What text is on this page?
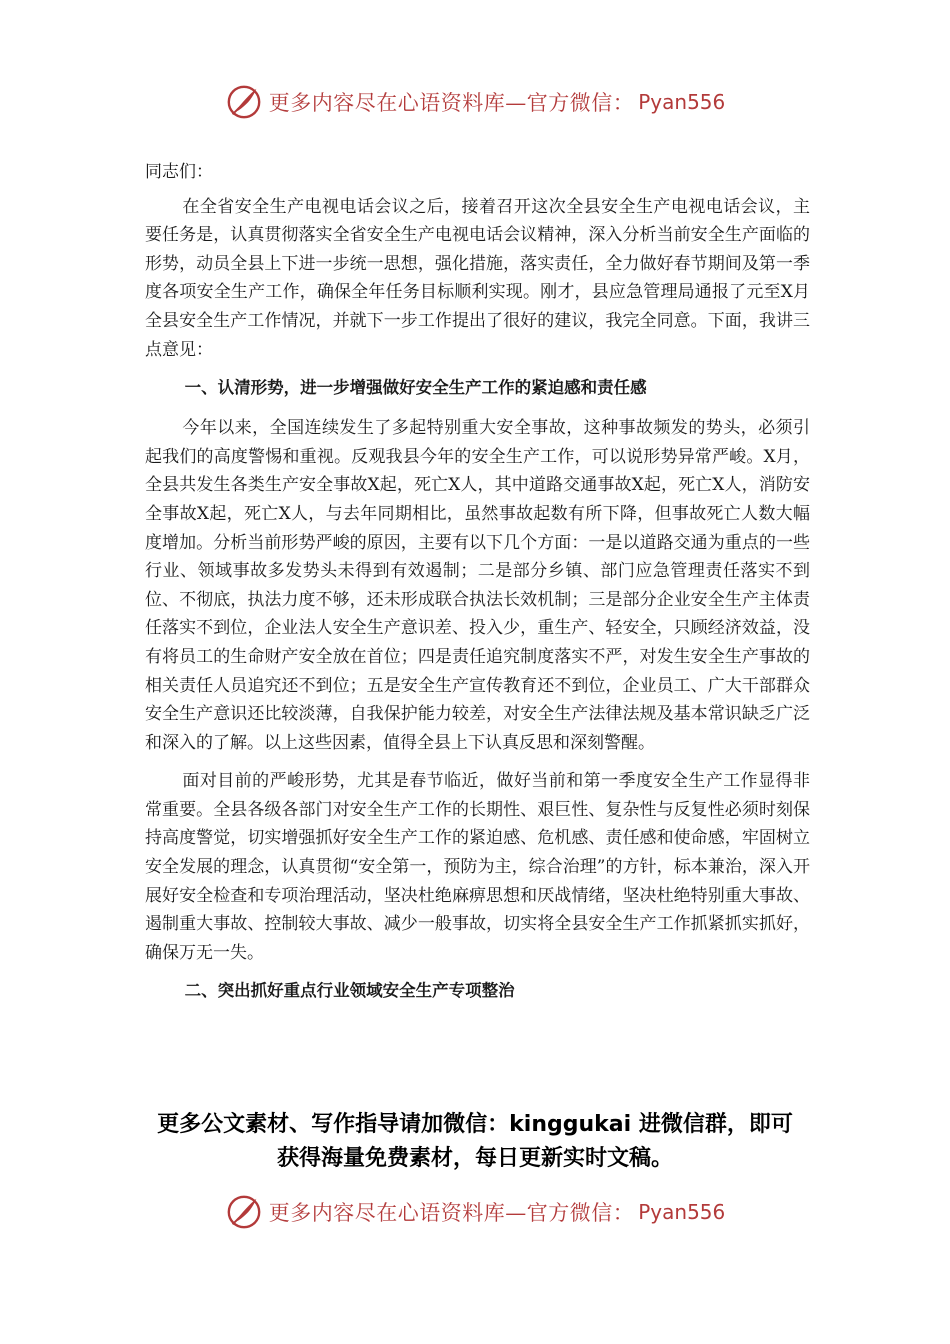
更多内容尽在心语资料库—官方微信： Pyan556

同志们：

在全省安全生产电视电话会议之后，接着召开这次全县安全生产电视电话会议，主要任务是，认真贯彻落实全省安全生产电视电话会议精神，深入分析当前安全生产面临的形势，动员全县上下进一步统一思想，强化措施，落实责任，全力做好春节期间及第一季度各项安全生产工作，确保全年任务目标顺利实现。刚才，县应急管理局通报了元至X月全县安全生产工作情况，并就下一步工作提出了很好的建议，我完全同意。下面，我讲三点意见：

一、认清形势，进一步增强做好安全生产工作的紧迫感和责任感

今年以来，全国连续发生了多起特别重大安全事故，这种事故频发的势头，必须引起我们的高度警惕和重视。反观我县今年的安全生产工作，可以说形势异常严峻。X月，全县共发生各类生产安全事故X起，死亡X人，其中道路交通事故X起，死亡X人，消防安全事故X起，死亡X人，与去年同期相比，虽然事故起数有所下降，但事故死亡人数大幅度增加。分析当前形势严峻的原因，主要有以下几个方面：一是以道路交通为重点的一些行业、领域事故多发势头未得到有效遏制；二是部分乡镇、部门应急管理责任落实不到位、不彻底，执法力度不够，还未形成联合执法长效机制；三是部分企业安全生产主体责任落实不到位，企业法人安全生产意识差、投入少，重生产、轻安全，只顾经济效益，没有将员工的生命财产安全放在首位；四是责任追究制度落实不严，对发生安全生产事故的相关责任人员追究还不到位；五是安全生产宣传教育还不到位，企业员工、广大干部群众安全生产意识还比较淡薄，自我保护能力较差，对安全生产法律法规及基本常识缺乏广泛和深入的了解。以上这些因素，值得全县上下认真反思和深刻警醒。

面对目前的严峻形势，尤其是春节临近，做好当前和第一季度安全生产工作显得非常重要。全县各级各部门对安全生产工作的长期性、艰巨性、复杂性与反复性必须时刻保持高度警觉，切实增强抓好安全生产工作的紧迫感、危机感、责任感和使命感，牢固树立安全发展的理念，认真贯彻“安全第一，预防为主，综合治理”的方针，标本兼治，深入开展好安全检查和专项治理活动，坚决杜绝麻痹思想和厌战情绪，坚决杜绝特别重大事故、遏制重大事故、控制较大事故、减少一般事故，切实将全县安全生产工作抓紧抓实抓好，确保万无一失。

二、突出抓好重点行业领域安全生产专项整治

更多公文素材、写作指导请加微信：kinggukai 进微信群，即可
获得海量免费素材，每日更新实时文稿。
更多内容尽在心语资料库—官方微信： Pyan556
